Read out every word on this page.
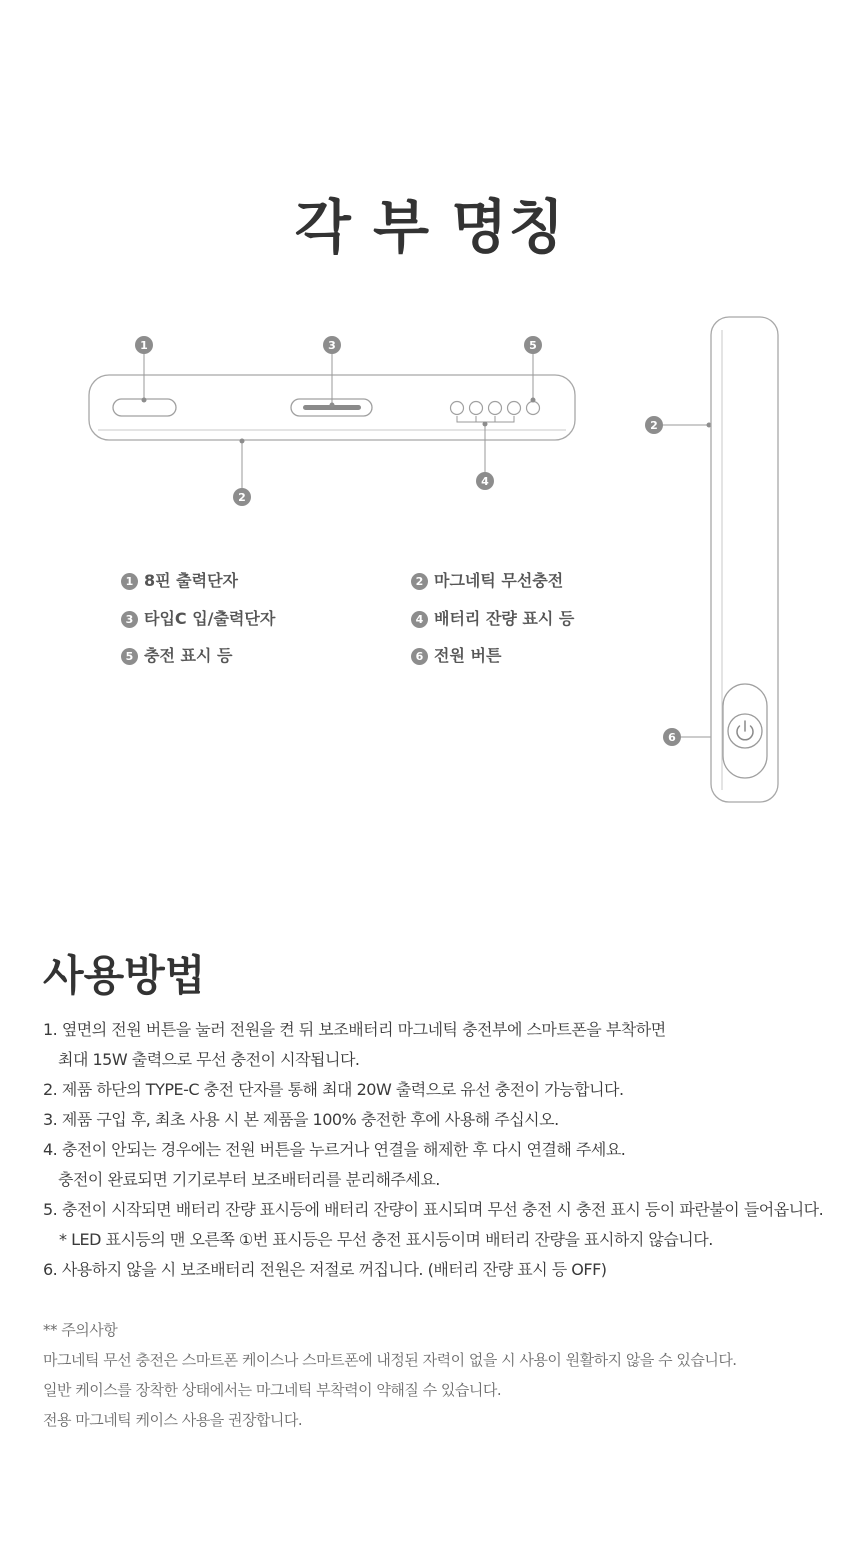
각 부 명칭
1	3	5
2
4
2
6
1 8핀 출력단자	2 마그네틱 무선충전
3 타입C 입/출력단자	4 배터리 잔량 표시 등
5 충전 표시 등	6 전원 버튼
사용방법
1. 옆면의 전원 버튼을 눌러 전원을 켠 뒤 보조배터리 마그네틱 충전부에 스마트폰을 부착하면
최대 15W 출력으로 무선 충전이 시작됩니다.
2. 제품 하단의 TYPE-C 충전 단자를 통해 최대 20W 출력으로 유선 충전이 가능합니다.
3. 제품 구입 후, 최초 사용 시 본 제품을 100% 충전한 후에 사용해 주십시오.
4. 충전이 안되는 경우에는 전원 버튼을 누르거나 연결을 해제한 후 다시 연결해 주세요.
충전이 완료되면 기기로부터 보조배터리를 분리해주세요.
5. 충전이 시작되면 배터리 잔량 표시등에 배터리 잔량이 표시되며 무선 충전 시 충전 표시 등이 파란불이 들어옵니다.
* LED 표시등의 맨 오른쪽 ①번 표시등은 무선 충전 표시등이며 배터리 잔량을 표시하지 않습니다.
6. 사용하지 않을 시 보조배터리 전원은 저절로 꺼집니다. (배터리 잔량 표시 등 OFF)
** 주의사항
마그네틱 무선 충전은 스마트폰 케이스나 스마트폰에 내정된 자력이 없을 시 사용이 원활하지 않을 수 있습니다.
일반 케이스를 장착한 상태에서는 마그네틱 부착력이 약해질 수 있습니다.
전용 마그네틱 케이스 사용을 권장합니다.
